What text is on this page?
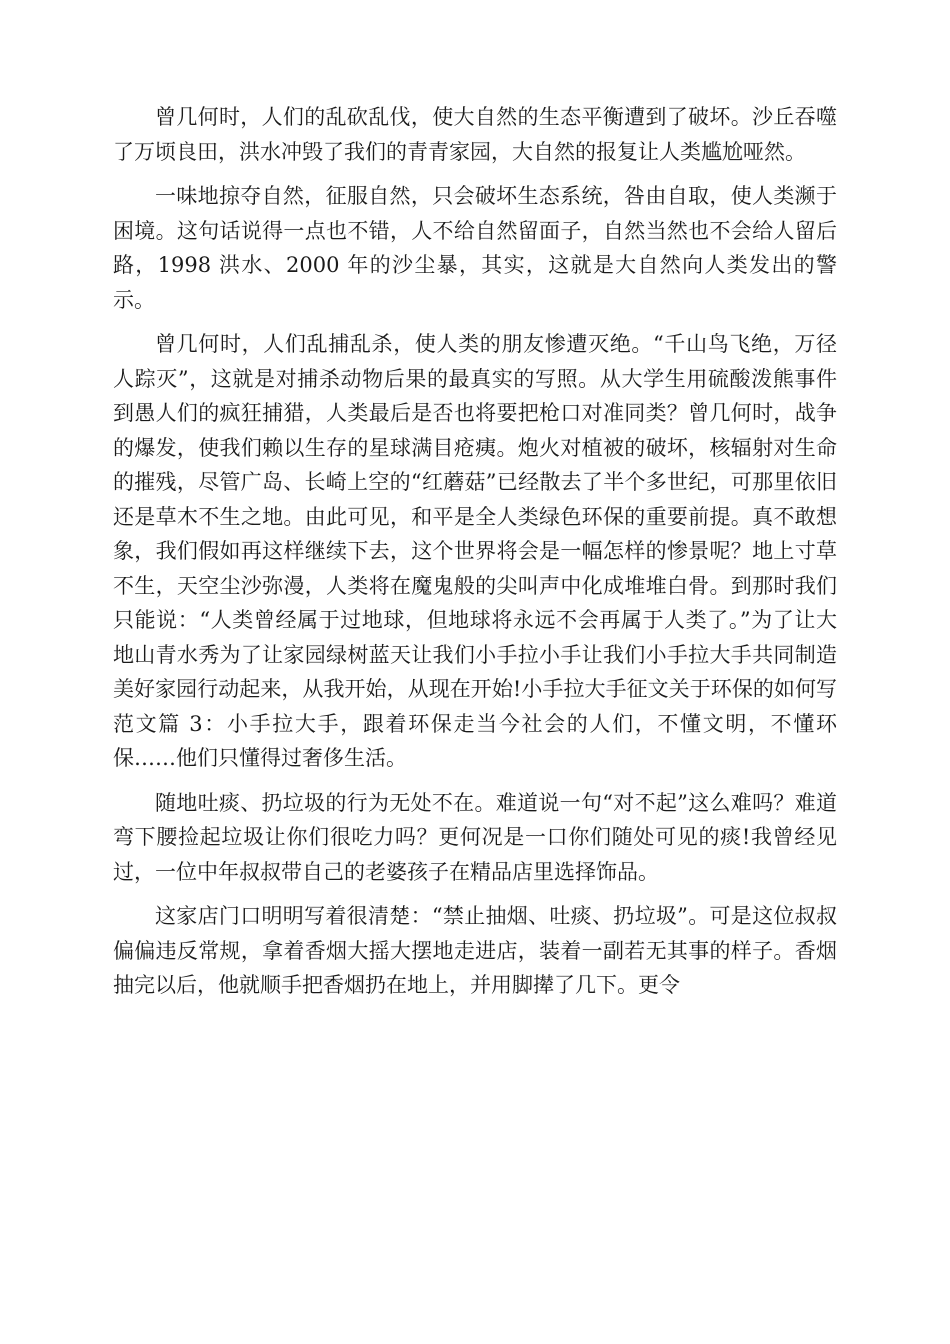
曾几何时，人们的乱砍乱伐，使大自然的生态平衡遭到了破坏。沙丘吞噬了万顷良田，洪水冲毁了我们的青青家园，大自然的报复让人类尴尬哑然。

一味地掠夺自然，征服自然，只会破坏生态系统，咎由自取，使人类濒于困境。这句话说得一点也不错，人不给自然留面子，自然当然也不会给人留后路，1998 洪水、2000 年的沙尘暴，其实，这就是大自然向人类发出的警示。

曾几何时，人们乱捕乱杀，使人类的朋友惨遭灭绝。“千山鸟飞绝，万径人踪灭”，这就是对捕杀动物后果的最真实的写照。从大学生用硫酸泼熊事件到愚人们的疯狂捕猎，人类最后是否也将要把枪口对准同类？曾几何时，战争的爆发，使我们赖以生存的星球满目疮痍。炮火对植被的破坏，核辐射对生命的摧残，尽管广岛、长崎上空的“红蘑菇”已经散去了半个多世纪，可那里依旧还是草木不生之地。由此可见，和平是全人类绿色环保的重要前提。真不敢想象，我们假如再这样继续下去，这个世界将会是一幅怎样的惨景呢？地上寸草不生，天空尘沙弥漫，人类将在魔鬼般的尖叫声中化成堆堆白骨。到那时我们只能说：“人类曾经属于过地球，但地球将永远不会再属于人类了。”为了让大地山青水秀为了让家园绿树蓝天让我们小手拉小手让我们小手拉大手共同制造美好家园行动起来，从我开始，从现在开始!小手拉大手征文关于环保的如何写范文篇 3：小手拉大手，跟着环保走当今社会的人们，不懂文明，不懂环保……他们只懂得过奢侈生活。

随地吐痰、扔垃圾的行为无处不在。难道说一句“对不起”这么难吗？难道弯下腰捡起垃圾让你们很吃力吗？更何况是一口你们随处可见的痰!我曾经见过，一位中年叔叔带自己的老婆孩子在精品店里选择饰品。

这家店门口明明写着很清楚：“禁止抽烟、吐痰、扔垃圾”。可是这位叔叔偏偏违反常规，拿着香烟大摇大摆地走进店，装着一副若无其事的样子。香烟抽完以后，他就顺手把香烟扔在地上，并用脚撵了几下。更令
